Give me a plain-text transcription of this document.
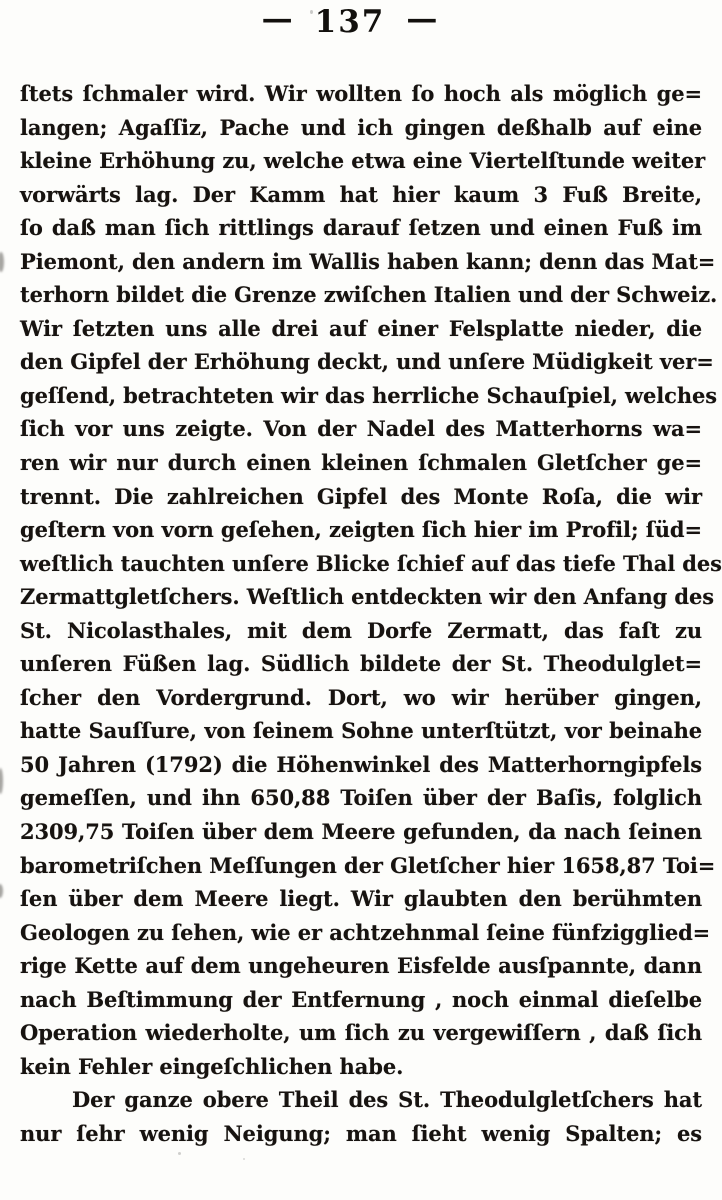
— 137 —
ſtets ſchmaler wird. Wir wollten ſo hoch als möglich ge=
langen; Agaſſiz, Pache und ich gingen deßhalb auf eine
kleine Erhöhung zu, welche etwa eine Viertelſtunde weiter
vorwärts lag. Der Kamm hat hier kaum 3 Fuß Breite,
ſo daß man ſich rittlings darauf ſetzen und einen Fuß im
Piemont, den andern im Wallis haben kann; denn das Mat=
terhorn bildet die Grenze zwiſchen Italien und der Schweiz.
Wir ſetzten uns alle drei auf einer Felsplatte nieder, die
den Gipfel der Erhöhung deckt, und unſere Müdigkeit ver=
geſſend, betrachteten wir das herrliche Schauſpiel, welches
ſich vor uns zeigte. Von der Nadel des Matterhorns wa=
ren wir nur durch einen kleinen ſchmalen Gletſcher ge=
trennt. Die zahlreichen Gipfel des Monte Roſa, die wir
geſtern von vorn geſehen, zeigten ſich hier im Profil; ſüd=
weſtlich tauchten unſere Blicke ſchief auf das tiefe Thal des
Zermattgletſchers. Weſtlich entdeckten wir den Anfang des
St. Nicolasthales, mit dem Dorfe Zermatt, das faſt zu
unſeren Füßen lag. Südlich bildete der St. Theodulglet=
ſcher den Vordergrund. Dort, wo wir herüber gingen,
hatte Sauſſure, von ſeinem Sohne unterſtützt, vor beinahe
50 Jahren (1792) die Höhenwinkel des Matterhorngipfels
gemeſſen, und ihn 650,88 Toiſen über der Baſis, folglich
2309,75 Toiſen über dem Meere gefunden, da nach ſeinen
barometriſchen Meſſungen der Gletſcher hier 1658,87 Toi=
ſen über dem Meere liegt. Wir glaubten den berühmten
Geologen zu ſehen, wie er achtzehnmal ſeine fünfzigglied=
rige Kette auf dem ungeheuren Eisfelde ausſpannte, dann
nach Beſtimmung der Entfernung , noch einmal dieſelbe
Operation wiederholte, um ſich zu vergewiſſern , daß ſich
kein Fehler eingeſchlichen habe.
Der ganze obere Theil des St. Theodulgletſchers hat
nur ſehr wenig Neigung; man ſieht wenig Spalten; es
